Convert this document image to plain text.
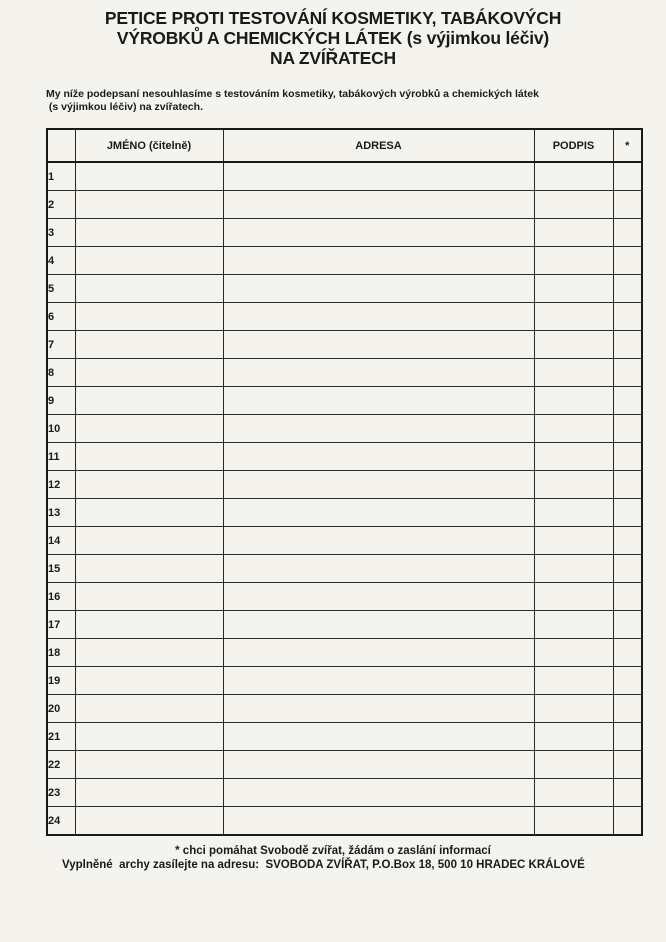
PETICE PROTI TESTOVÁNÍ KOSMETIKY, TABÁKOVÝCH
VÝROBKŮ A CHEMICKÝCH LÁTEK (s výjimkou léčiv)
NA ZVÍŘATECH
My níže podepsaní nesouhlasíme s testováním kosmetiky, tabákových výrobků a chemických látek
(s výjimkou léčiv) na zvířatech.
	JMÉNO (čitelně)	ADRESA	PODPIS	*
1				
2				
3				
4				
5				
6				
7				
8				
9				
10				
11				
12				
13				
14				
15				
16				
17				
18				
19				
20				
21				
22				
23				
24				
* chci pomáhat Svobodě zvířat, žádám o zaslání informací
Vyplněné  archy zasílejte na adresu:  SVOBODA ZVÍŘAT, P.O.Box 18, 500 10 HRADEC KRÁLOVÉ
